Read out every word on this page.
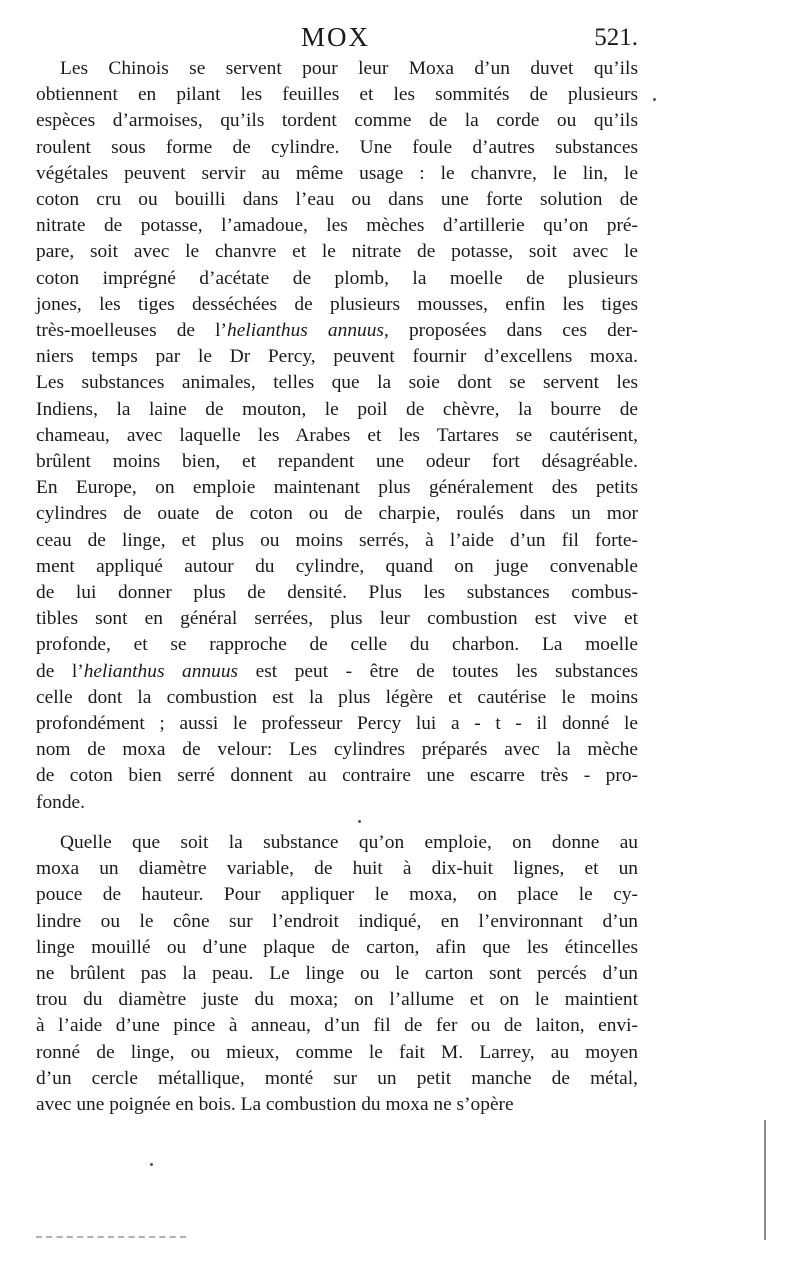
MOX	521.

Les Chinois se servent pour leur Moxa d’un duvet qu’ils
obtiennent en pilant les feuilles et les sommités de plusieurs
espèces d’armoises, qu’ils tordent comme de la corde ou qu’ils
roulent sous forme de cylindre. Une foule d’autres substances
végétales peuvent servir au même usage : le chanvre, le lin, le
coton cru ou bouilli dans l’eau ou dans une forte solution de
nitrate de potasse, l’amadoue, les mèches d’artillerie qu’on pré-
pare, soit avec le chanvre et le nitrate de potasse, soit avec le
coton imprégné d’acétate de plomb, la moelle de plusieurs
jones, les tiges desséchées de plusieurs mousses, enfin les tiges
très-moelleuses de l’helianthus annuus, proposées dans ces der-
niers temps par le Dr Percy, peuvent fournir d’excellens moxa.
Les substances animales, telles que la soie dont se servent les
Indiens, la laine de mouton, le poil de chèvre, la bourre de
chameau, avec laquelle les Arabes et les Tartares se cautérisent,
brûlent moins bien, et repandent une odeur fort désagréable.
En Europe, on emploie maintenant plus généralement des petits
cylindres de ouate de coton ou de charpie, roulés dans un mor
ceau de linge, et plus ou moins serrés, à l’aide d’un fil forte-
ment appliqué autour du cylindre, quand on juge convenable
de lui donner plus de densité. Plus les substances combus-
tibles sont en général serrées, plus leur combustion est vive et
profonde, et se rapproche de celle du charbon. La moelle
de l’helianthus annuus est peut - être de toutes les substances
celle dont la combustion est la plus légère et cautérise le moins
profondément ; aussi le professeur Percy lui a - t - il donné le
nom de moxa de velour: Les cylindres préparés avec la mèche
de coton bien serré donnent au contraire une escarre très - pro-
fonde.

Quelle que soit la substance qu’on emploie, on donne au
moxa un diamètre variable, de huit à dix-huit lignes, et un
pouce de hauteur. Pour appliquer le moxa, on place le cy-
lindre ou le cône sur l’endroit indiqué, en l’environnant d’un
linge mouillé ou d’une plaque de carton, afin que les étincelles
ne brûlent pas la peau. Le linge ou le carton sont percés d’un
trou du diamètre juste du moxa; on l’allume et on le maintient
à l’aide d’une pince à anneau, d’un fil de fer ou de laiton, envi-
ronné de linge, ou mieux, comme le fait M. Larrey, au moyen
d’un cercle métallique, monté sur un petit manche de métal,
avec une poignée en bois. La combustion du moxa ne s’opère
